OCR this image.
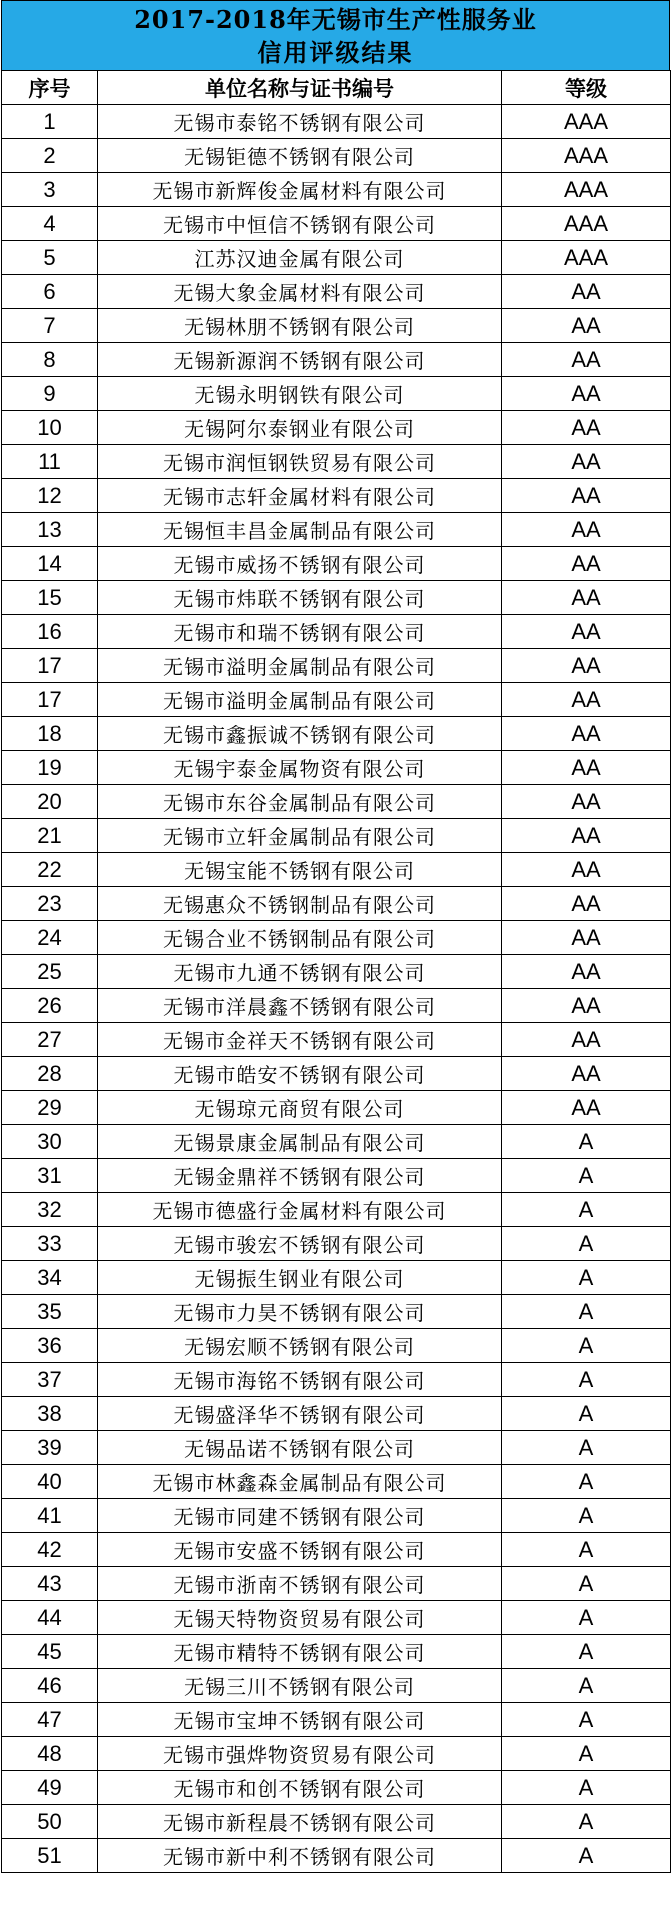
2017-2018年无锡市生产性服务业
信用评级结果
序号	单位名称与证书编号	等级
1	无锡市泰铭不锈钢有限公司	AAA
2	无锡钜德不锈钢有限公司	AAA
3	无锡市新辉俊金属材料有限公司	AAA
4	无锡市中恒信不锈钢有限公司	AAA
5	江苏汉迪金属有限公司	AAA
6	无锡大象金属材料有限公司	AA
7	无锡林朋不锈钢有限公司	AA
8	无锡新源润不锈钢有限公司	AA
9	无锡永明钢铁有限公司	AA
10	无锡阿尔泰钢业有限公司	AA
11	无锡市润恒钢铁贸易有限公司	AA
12	无锡市志轩金属材料有限公司	AA
13	无锡恒丰昌金属制品有限公司	AA
14	无锡市威扬不锈钢有限公司	AA
15	无锡市炜联不锈钢有限公司	AA
16	无锡市和瑞不锈钢有限公司	AA
17	无锡市溢明金属制品有限公司	AA
17	无锡市溢明金属制品有限公司	AA
18	无锡市鑫振诚不锈钢有限公司	AA
19	无锡宇泰金属物资有限公司	AA
20	无锡市东谷金属制品有限公司	AA
21	无锡市立轩金属制品有限公司	AA
22	无锡宝能不锈钢有限公司	AA
23	无锡惠众不锈钢制品有限公司	AA
24	无锡合业不锈钢制品有限公司	AA
25	无锡市九通不锈钢有限公司	AA
26	无锡市洋晨鑫不锈钢有限公司	AA
27	无锡市金祥天不锈钢有限公司	AA
28	无锡市皓安不锈钢有限公司	AA
29	无锡琼元商贸有限公司	AA
30	无锡景康金属制品有限公司	A
31	无锡金鼎祥不锈钢有限公司	A
32	无锡市德盛行金属材料有限公司	A
33	无锡市骏宏不锈钢有限公司	A
34	无锡振生钢业有限公司	A
35	无锡市力昊不锈钢有限公司	A
36	无锡宏顺不锈钢有限公司	A
37	无锡市海铭不锈钢有限公司	A
38	无锡盛泽华不锈钢有限公司	A
39	无锡品诺不锈钢有限公司	A
40	无锡市林鑫森金属制品有限公司	A
41	无锡市同建不锈钢有限公司	A
42	无锡市安盛不锈钢有限公司	A
43	无锡市浙南不锈钢有限公司	A
44	无锡天特物资贸易有限公司	A
45	无锡市精特不锈钢有限公司	A
46	无锡三川不锈钢有限公司	A
47	无锡市宝坤不锈钢有限公司	A
48	无锡市强烨物资贸易有限公司	A
49	无锡市和创不锈钢有限公司	A
50	无锡市新程晨不锈钢有限公司	A
51	无锡市新中利不锈钢有限公司	A
